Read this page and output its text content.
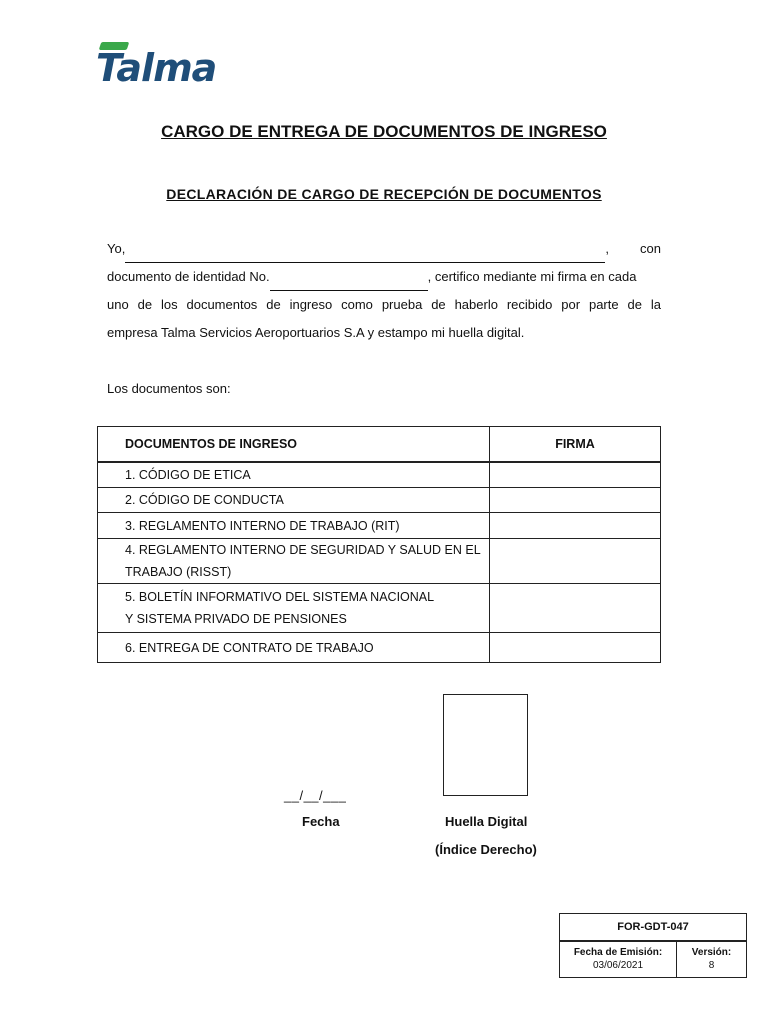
Talma
CARGO DE ENTREGA DE DOCUMENTOS DE INGRESO
DECLARACIÓN DE CARGO DE RECEPCIÓN DE DOCUMENTOS
Yo,	, con
documento de identidad No.	, certifico mediante mi firma en cada
uno de los documentos de ingreso como prueba de haberlo recibido por parte de la
empresa Talma Servicios Aeroportuarios S.A y estampo mi huella digital.
Los documentos son:
DOCUMENTOS DE INGRESO	FIRMA
1. CÓDIGO DE ETICA	
2. CÓDIGO DE CONDUCTA	
3. REGLAMENTO INTERNO DE TRABAJO (RIT)	

4. REGLAMENTO INTERNO DE SEGURIDAD Y SALUD EN EL
TRABAJO (RISST)	

5. BOLETÍN INFORMATIVO DEL SISTEMA NACIONAL
Y SISTEMA PRIVADO DE PENSIONES	

6. ENTREGA DE CONTRATO DE TRABAJO	
__/__/___
Fecha	Huella Digital
(Índice Derecho)
FOR-GDT-047
Fecha de Emisión:
03/06/2021
Versión:
8
